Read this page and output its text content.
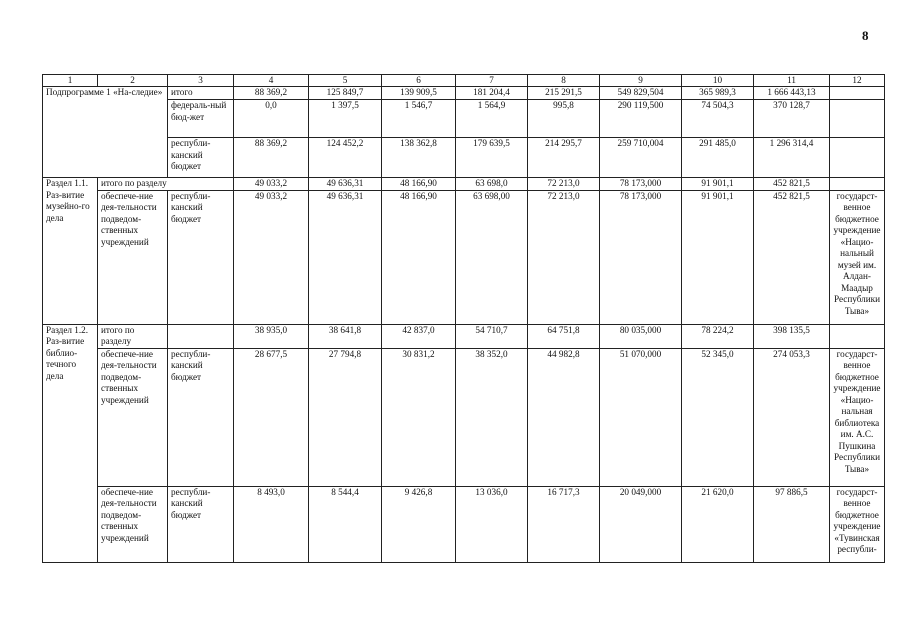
8
1	2	3	4	5	6	7	8	9	10	11	12
Подпрограмме 1 «На-следие»		итого	88 369,2	125 849,7	139 909,5	181 204,4	215 291,5	549 829,504	365 989,3	1 666 443,13	
		федераль-ный бюд-жет	0,0	1 397,5	1 546,7	1 564,9	995,8	290 119,500	74 504,3	370 128,7	
		республи-канский бюджет	88 369,2	124 452,2	138 362,8	179 639,5	214 295,7	259 710,004	291 485,0	1 296 314,4	
Раздел 1.1. Раз-витие музейно-го дела	итого по разделу		49 033,2	49 636,31	48 166,90	63 698,0	72 213,0	78 173,000	91 901,1	452 821,5	
	обеспече-ние дея-тельности подведом-ственных учреждений	республи-канский бюджет	49 033,2	49 636,31	48 166,90	63 698,00	72 213,0	78 173,000	91 901,1	452 821,5	государст-венное бюджетное учреждение «Нацио-нальный музей им. Алдан-Маадыр Республики Тыва»
Раздел 1.2. Раз-витие библио-течного дела	итого по разделу		38 935,0	38 641,8	42 837,0	54 710,7	64 751,8	80 035,000	78 224,2	398 135,5	
	обеспече-ние дея-тельности подведом-ственных учреждений	республи-канский бюджет	28 677,5	27 794,8	30 831,2	38 352,0	44 982,8	51 070,000	52 345,0	274 053,3	государст-венное бюджетное учреждение «Нацио-нальная библиотека им. А.С. Пушкина Республики Тыва»
	обеспече-ние дея-тельности подведом-ственных учреждений	республи-канский бюджет	8 493,0	8 544,4	9 426,8	13 036,0	16 717,3	20 049,000	21 620,0	97 886,5	государст-венное бюджетное учреждение «Тувинская республи-
